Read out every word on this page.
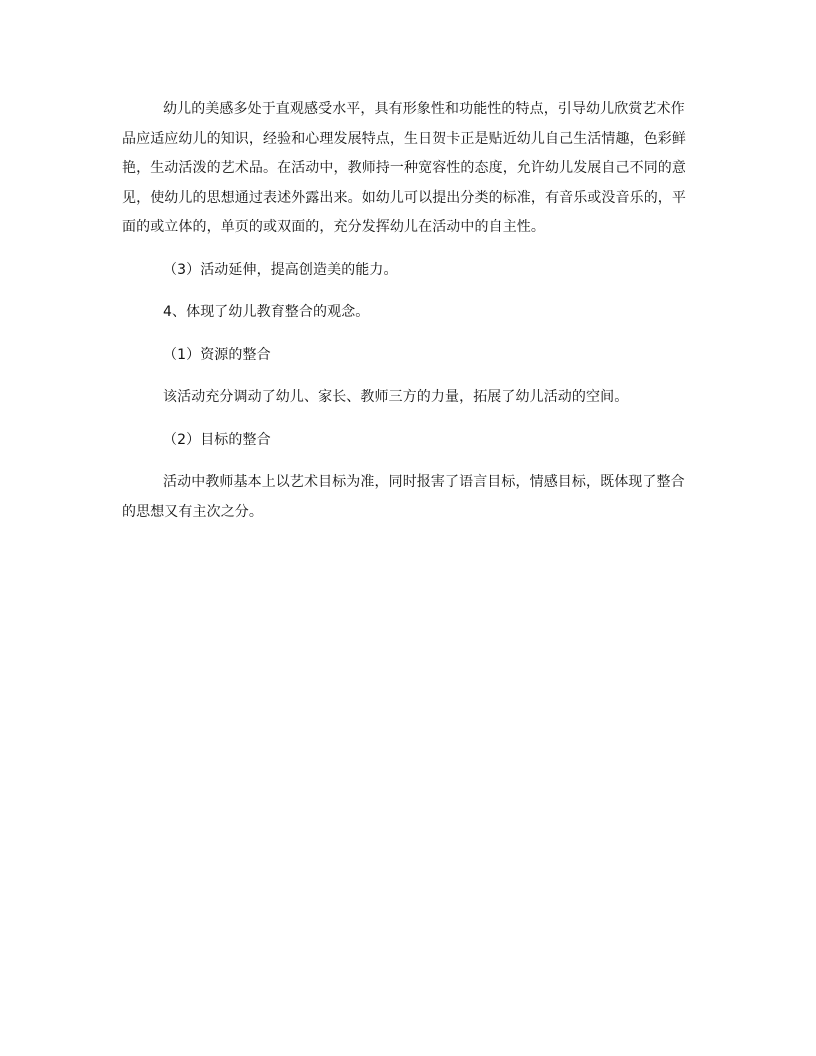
幼儿的美感多处于直观感受水平，具有形象性和功能性的特点，引导幼儿欣赏艺术作品应适应幼儿的知识，经验和心理发展特点，生日贺卡正是贴近幼儿自己生活情趣，色彩鲜艳，生动活泼的艺术品。在活动中，教师持一种宽容性的态度，允许幼儿发展自己不同的意见，使幼儿的思想通过表述外露出来。如幼儿可以提出分类的标准，有音乐或没音乐的，平面的或立体的，单页的或双面的，充分发挥幼儿在活动中的自主性。

（3）活动延伸，提高创造美的能力。

4、体现了幼儿教育整合的观念。

（1）资源的整合

该活动充分调动了幼儿、家长、教师三方的力量，拓展了幼儿活动的空间。

（2）目标的整合

活动中教师基本上以艺术目标为准，同时报害了语言目标，情感目标，既体现了整合的思想又有主次之分。
